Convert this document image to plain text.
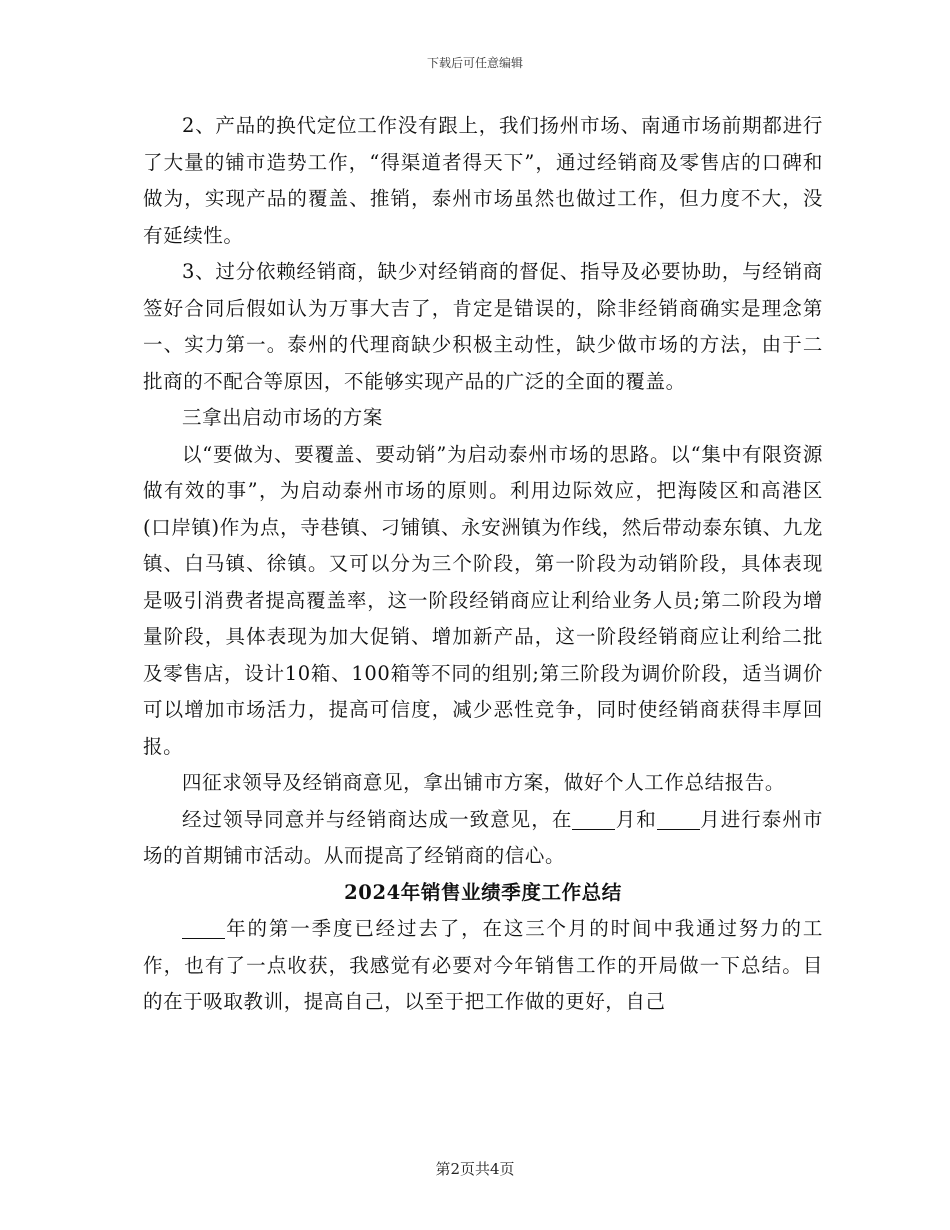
下载后可任意编辑

2、产品的换代定位工作没有跟上，我们扬州市场、南通市场前期都进行了大量的铺市造势工作，“得渠道者得天下”，通过经销商及零售店的口碑和做为，实现产品的覆盖、推销，泰州市场虽然也做过工作，但力度不大，没有延续性。

3、过分依赖经销商，缺少对经销商的督促、指导及必要协助，与经销商签好合同后假如认为万事大吉了，肯定是错误的，除非经销商确实是理念第一、实力第一。泰州的代理商缺少积极主动性，缺少做市场的方法，由于二批商的不配合等原因，不能够实现产品的广泛的全面的覆盖。

三拿出启动市场的方案

以“要做为、要覆盖、要动销”为启动泰州市场的思路。以“集中有限资源做有效的事”，为启动泰州市场的原则。利用边际效应，把海陵区和高港区(口岸镇)作为点，寺巷镇、刁铺镇、永安洲镇为作线，然后带动泰东镇、九龙镇、白马镇、徐镇。又可以分为三个阶段，第一阶段为动销阶段，具体表现是吸引消费者提高覆盖率，这一阶段经销商应让利给业务人员;第二阶段为增量阶段，具体表现为加大促销、增加新产品，这一阶段经销商应让利给二批及零售店，设计10箱、100箱等不同的组别;第三阶段为调价阶段，适当调价可以增加市场活力，提高可信度，减少恶性竞争，同时使经销商获得丰厚回报。

四征求领导及经销商意见，拿出铺市方案，做好个人工作总结报告。

经过领导同意并与经销商达成一致意见，在 月和 月进行泰州市场的首期铺市活动。从而提高了经销商的信心。

2024年销售业绩季度工作总结

年的第一季度已经过去了，在这三个月的时间中我通过努力的工作，也有了一点收获，我感觉有必要对今年销售工作的开局做一下总结。目的在于吸取教训，提高自己，以至于把工作做的更好，自己

第2页共4页
